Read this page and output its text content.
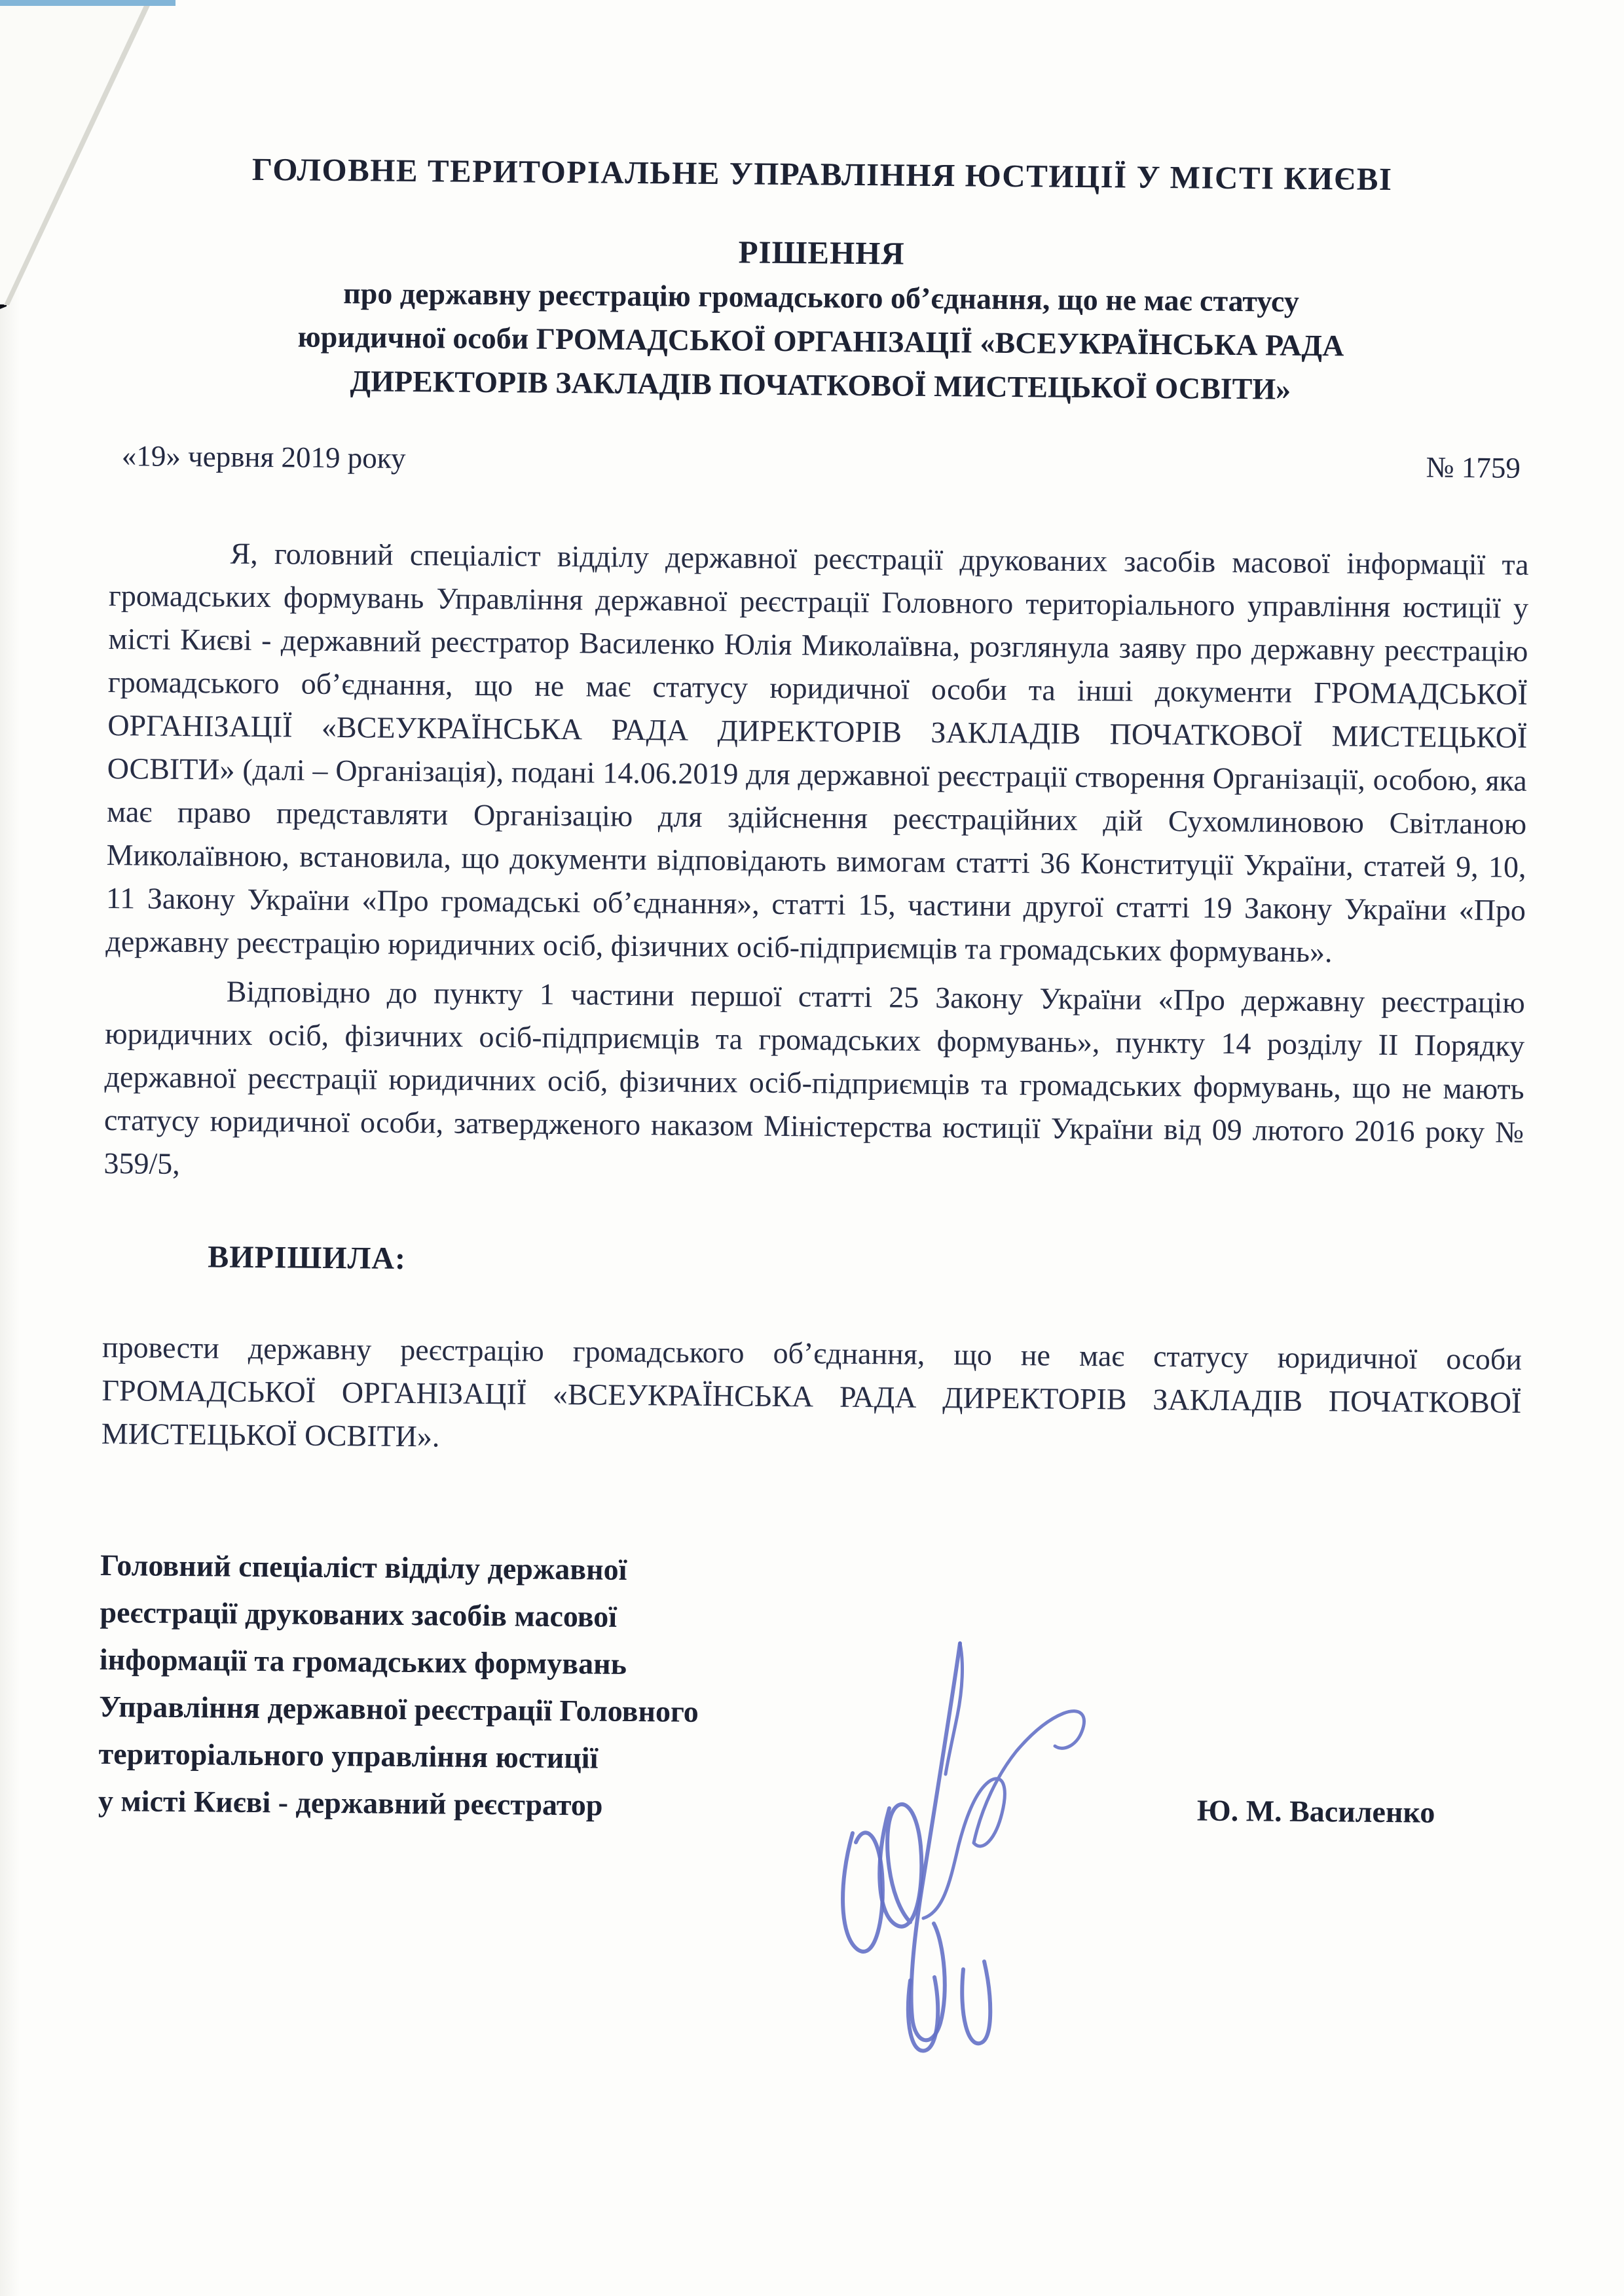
ГОЛОВНЕ ТЕРИТОРІАЛЬНЕ УПРАВЛІННЯ ЮСТИЦІЇ У МІСТІ КИЄВІ

РІШЕННЯ

про державну реєстрацію громадського об’єднання, що не має статусу
юридичної особи ГРОМАДСЬКОЇ ОРГАНІЗАЦІЇ «ВСЕУКРАЇНСЬКА РАДА
ДИРЕКТОРІВ ЗАКЛАДІВ ПОЧАТКОВОЇ МИСТЕЦЬКОЇ ОСВІТИ»
«19» червня 2019 року	№ 1759

Я, головний спеціаліст відділу державної реєстрації друкованих засобів масової інформації та громадських формувань Управління державної реєстрації Головного територіального управління юстиції у місті Києві - державний реєстратор Василенко Юлія Миколаївна, розглянула заяву про державну реєстрацію громадського об’єднання, що не має статусу юридичної особи та інші документи ГРОМАДСЬКОЇ ОРГАНІЗАЦІЇ «ВСЕУКРАЇНСЬКА РАДА ДИРЕКТОРІВ ЗАКЛАДІВ ПОЧАТКОВОЇ МИСТЕЦЬКОЇ ОСВІТИ» (далі – Організація), подані 14.06.2019 для державної реєстрації створення Організації, особою, яка має право представляти Організацію для здійснення реєстраційних дій Сухомлиновою Світланою Миколаївною, встановила, що документи відповідають вимогам статті 36 Конституції України, статей 9, 10, 11 Закону України «Про громадські об’єднання», статті 15, частини другої статті 19 Закону України «Про державну реєстрацію юридичних осіб, фізичних осіб-підприємців та громадських формувань».

Відповідно до пункту 1 частини першої статті 25 Закону України «Про державну реєстрацію юридичних осіб, фізичних осіб-підприємців та громадських формувань», пункту 14 розділу II Порядку державної реєстрації юридичних осіб, фізичних осіб-підприємців та громадських формувань, що не мають статусу юридичної особи, затвердженого наказом Міністерства юстиції України від 09 лютого 2016 року № 359/5,

ВИРІШИЛА:

провести державну реєстрацію громадського об’єднання, що не має статусу юридичної особи ГРОМАДСЬКОЇ ОРГАНІЗАЦІЇ «ВСЕУКРАЇНСЬКА РАДА ДИРЕКТОРІВ ЗАКЛАДІВ ПОЧАТКОВОЇ МИСТЕЦЬКОЇ ОСВІТИ».

Головний спеціаліст відділу державної
реєстрації друкованих засобів масової
інформації та громадських формувань
Управління державної реєстрації Головного
територіального управління юстиції
у місті Києві - державний реєстратор	Ю. М. Василенко
